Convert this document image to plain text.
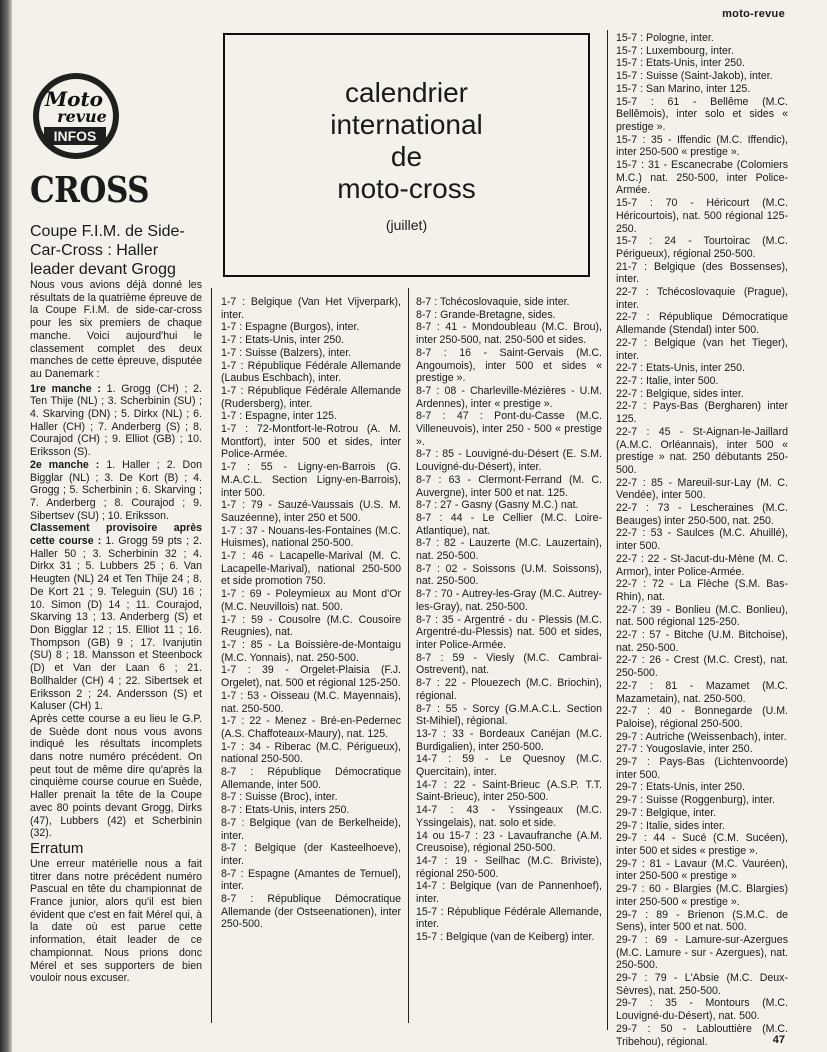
moto-revue
Moto
revue
INFOS
CROSS

Coupe F.I.M. de Side-Car-Cross : Haller leader devant Grogg

Nous vous avions déjà donné les résultats de la quatrième épreuve de la Coupe F.I.M. de side-car-cross pour les six premiers de chaque manche. Voici aujourd'hui le classement complet des deux manches de cette épreuve, disputée au Danemark :

1re manche : 1. Grogg (CH) ; 2. Ten Thije (NL) ; 3. Scherbinin (SU) ; 4. Skarving (DN) ; 5. Dirkx (NL) ; 6. Haller (CH) ; 7. Anderberg (S) ; 8. Courajod (CH) ; 9. Elliot (GB) ; 10. Eriksson (S).

2e manche : 1. Haller ; 2. Don Bigglar (NL) ; 3. De Kort (B) ; 4. Grogg ; 5. Scherbinin ; 6. Skarving ; 7. Anderberg ; 8. Courajod ; 9. Sibertsev (SU) ; 10. Eriksson.

Classement provisoire après cette course : 1. Grogg 59 pts ; 2. Haller 50 ; 3. Scherbinin 32 ; 4. Dirkx 31 ; 5. Lubbers 25 ; 6. Van Heugten (NL) 24 et Ten Thije 24 ; 8. De Kort 21 ; 9. Teleguin (SU) 16 ; 10. Simon (D) 14 ; 11. Courajod, Skarving 13 ; 13. Anderberg (S) et Don Bigglar 12 ; 15. Elliot 11 ; 16. Thompson (GB) 9 ; 17. Ivanjutin (SU) 8 ; 18. Mansson et Steenbock (D) et Van der Laan 6 ; 21. Bollhalder (CH) 4 ; 22. Sibertsek et Eriksson 2 ; 24. Andersson (S) et Kaluser (CH) 1.

Après cette course a eu lieu le G.P. de Suède dont nous vous avons indiqué les résultats incomplets dans notre numéro précédent. On peut tout de même dire qu'après la cinquième course courue en Suède, Haller prenait la tête de la Coupe avec 80 points devant Grogg, Dirks (47), Lubbers (42) et Scherbinin (32).

Erratum

Une erreur matérielle nous a fait titrer dans notre précédent numéro Pascual en tête du championnat de France junior, alors qu'il est bien évident que c'est en fait Mérel qui, à la date où est parue cette information, était leader de ce championnat. Nous prions donc Mérel et ses supporters de bien vouloir nous excuser.

calendrier
international
de
moto-cross
(juillet)

1-7 : Belgique (Van Het Vijverpark), inter.

1-7 : Espagne (Burgos), inter.

1-7 : Etats-Unis, inter 250.

1-7 : Suisse (Balzers), inter.

1-7 : République Fédérale Allemande (Laubus Eschbach), inter.

1-7 : République Fédérale Allemande (Rudersberg), inter.

1-7 : Espagne, inter 125.

1-7 : 72-Montfort-le-Rotrou (A. M. Montfort), inter 500 et sides, inter Police-Armée.

1-7 : 55 - Ligny-en-Barrois (G. M.A.C.L. Section Ligny-en-Barrois), inter 500.

1-7 : 79 - Sauzé-Vaussais (U.S. M. Sauzéenne), inter 250 et 500.

1-7 : 37 - Nouans-les-Fontaines (M.C. Huismes), national 250-500.

1-7 : 46 - Lacapelle-Marival (M. C. Lacapelle-Marival), national 250-500 et side promotion 750.

1-7 : 69 - Poleymieux au Mont d'Or (M.C. Neuvillois) nat. 500.

1-7 : 59 - Cousolre (M.C. Cousoire Reugnies), nat.

1-7 : 85 - La Boissière-de-Montaigu (M.C. Yonnais), nat. 250-500.

1-7 : 39 - Orgelet-Plaisia (F.J. Orgelet), nat. 500 et régional 125-250.

1-7 : 53 - Oisseau (M.C. Mayennais), nat. 250-500.

1-7 : 22 - Menez - Bré-en-Pedernec (A.S. Chaffoteaux-Maury), nat. 125.

1-7 : 34 - Riberac (M.C. Périgueux), national 250-500.

8-7 : République Démocratique Allemande, inter 500.

8-7 : Suisse (Broc), inter.

8-7 : Etats-Unis, inters 250.

8-7 : Belgique (van de Berkelheide), inter.

8-7 : Belgique (der Kasteelhoeve), inter.

8-7 : Espagne (Amantes de Ternuel), inter.

8-7 : République Démocratique Allemande (der Ostseenationen), inter 250-500.

8-7 : Tchécoslovaquie, side inter.

8-7 : Grande-Bretagne, sides.

8-7 : 41 - Mondoubleau (M.C. Brou), inter 250-500, nat. 250-500 et sides.

8-7 : 16 - Saint-Gervais (M.C. Angoumois), inter 500 et sides « prestige ».

8-7 : 08 - Charleville-Mézières - U.M. Ardennes), inter « prestige ».

8-7 : 47 : Pont-du-Casse (M.C. Villeneuvois), inter 250 - 500 « prestige ».

8-7 : 85 - Louvigné-du-Désert (E. S.M. Louvigné-du-Désert), inter.

8-7 : 63 - Clermont-Ferrand (M. C. Auvergne), inter 500 et nat. 125.

8-7 : 27 - Gasny (Gasny M.C.) nat.

8-7 : 44 - Le Cellier (M.C. Loire-Atlantique), nat.

8-7 : 82 - Lauzerte (M.C. Lauzertain), nat. 250-500.

8-7 : 02 - Soissons (U.M. Soissons), nat. 250-500.

8-7 : 70 - Autrey-les-Gray (M.C. Autrey-les-Gray), nat. 250-500.

8-7 : 35 - Argentré - du - Plessis (M.C. Argentré-du-Plessis) nat. 500 et sides, inter Police-Armée.

8-7 : 59 - Viesly (M.C. Cambrai-Ostrevent), nat.

8-7 : 22 - Plouezech (M.C. Briochin), régional.

8-7 : 55 - Sorcy (G.M.A.C.L. Section St-Mihiel), régional.

13-7 : 33 - Bordeaux Canéjan (M.C. Burdigalien), inter 250-500.

14-7 : 59 - Le Quesnoy (M.C. Quercitain), inter.

14-7 : 22 - Saint-Brieuc (A.S.P. T.T. Saint-Brieuc), inter 250-500.

14-7 : 43 - Yssingeaux (M.C. Yssingelais), nat. solo et side.

14 ou 15-7 : 23 - Lavaufranche (A.M. Creusoise), régional 250-500.

14-7 : 19 - Seilhac (M.C. Briviste), régional 250-500.

14-7 : Belgique (van de Pannenhoef), inter.

15-7 : République Fédérale Allemande, inter.

15-7 : Belgique (van de Keiberg) inter.

15-7 : Pologne, inter.

15-7 : Luxembourg, inter.

15-7 : Etats-Unis, inter 250.

15-7 : Suisse (Saint-Jakob), inter.

15-7 : San Marino, inter 125.

15-7 : 61 - Bellême (M.C. Bellêmois), inter solo et sides « prestige ».

15-7 : 35 - Iffendic (M.C. Iffendic), inter 250-500 « prestige ».

15-7 : 31 - Escanecrabe (Colomiers M.C.) nat. 250-500, inter Police-Armée.

15-7 : 70 - Héricourt (M.C. Héricourtois), nat. 500 régional 125-250.

15-7 : 24 - Tourtoirac (M.C. Périgueux), régional 250-500.

21-7 : Belgique (des Bossenses), inter.

22-7 : Tchécoslovaquie (Prague), inter.

22-7 : République Démocratique Allemande (Stendal) inter 500.

22-7 : Belgique (van het Tieger), inter.

22-7 : Etats-Unis, inter 250.

22-7 : Italie, inter 500.

22-7 : Belgique, sides inter.

22-7 : Pays-Bas (Bergharen) inter 125.

22-7 : 45 - St-Aignan-le-Jaillard (A.M.C. Orléannais), inter 500 « prestige » nat. 250 débutants 250-500.

22-7 : 85 - Mareuil-sur-Lay (M. C. Vendée), inter 500.

22-7 : 73 - Lescheraines (M.C. Beauges) inter 250-500, nat. 250.

22-7 : 53 - Saulces (M.C. Ahuillé), inter 500.

22-7 : 22 - St-Jacut-du-Mène (M. C. Armor), inter Police-Armée.

22-7 : 72 - La Flèche (S.M. Bas-Rhin), nat.

22-7 : 39 - Bonlieu (M.C. Bonlieu), nat. 500 régional 125-250.

22-7 : 57 - Bitche (U.M. Bitchoise), nat. 250-500.

22-7 : 26 - Crest (M.C. Crest), nat. 250-500.

22-7 : 81 - Mazamet (M.C. Mazametain), nat. 250-500.

22-7 : 40 - Bonnegarde (U.M. Paloise), régional 250-500.

29-7 : Autriche (Weissenbach), inter.

27-7 : Yougoslavie, inter 250.

29-7 : Pays-Bas (Lichtenvoorde) inter 500.

29-7 : Etats-Unis, inter 250.

29-7 : Suisse (Roggenburg), inter.

29-7 : Belgique, inter.

29-7 : Italie, sides inter.

29-7 : 44 - Sucé (C.M. Sucéen), inter 500 et sides « prestige ».

29-7 : 81 - Lavaur (M.C. Vauréen), inter 250-500 « prestige »

29-7 : 60 - Blargies (M.C. Blargies) inter 250-500 « prestige ».

29-7 : 89 - Brienon (S.M.C. de Sens), inter 500 et nat. 500.

29-7 : 69 - Lamure-sur-Azergues (M.C. Lamure - sur - Azergues), nat. 250-500.

29-7 : 79 - L'Absie (M.C. Deux-Sèvres), nat. 250-500.

29-7 : 35 - Montours (M.C. Louvigné-du-Désert), nat. 500.

29-7 : 50 - Lablouttière (M.C. Tribehou), régional.	47
